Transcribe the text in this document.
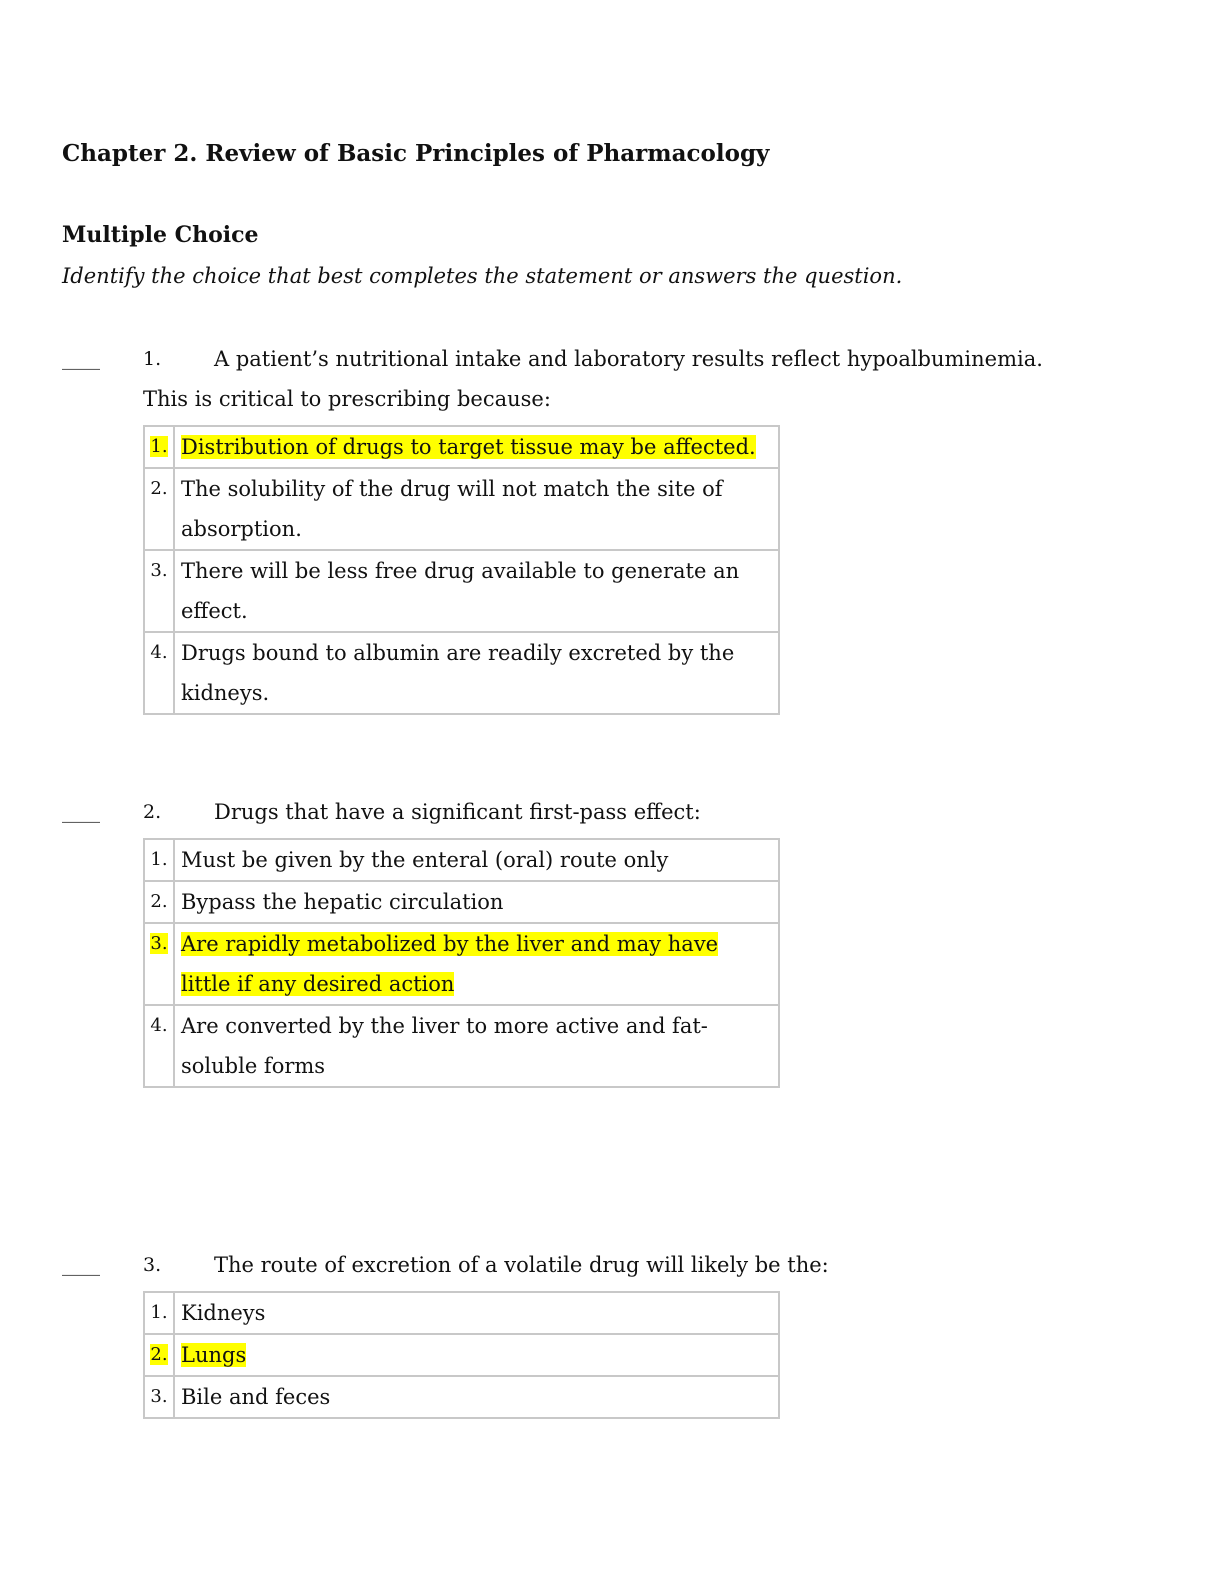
Chapter 2. Review of Basic Principles of Pharmacology
Multiple Choice

Identify the choice that best completes the statement or answers the question.

____ 1.	A patient’s nutritional intake and laboratory results reflect hypoalbuminemia.
This is critical to prescribing because:
1.	Distribution of drugs to target tissue may be affected.
2.	The solubility of the drug will not match the site of absorption.
3.	There will be less free drug available to generate an effect.
4.	Drugs bound to albumin are readily excreted by the kidneys.
____ 2.	Drugs that have a significant first-pass effect:
1.	Must be given by the enteral (oral) route only
2.	Bypass the hepatic circulation
3.	Are rapidly metabolized by the liver and may have little if any desired action
4.	Are converted by the liver to more active and fat-soluble forms
____ 3.	The route of excretion of a volatile drug will likely be the:
1.	Kidneys
2.	Lungs
3.	Bile and feces
